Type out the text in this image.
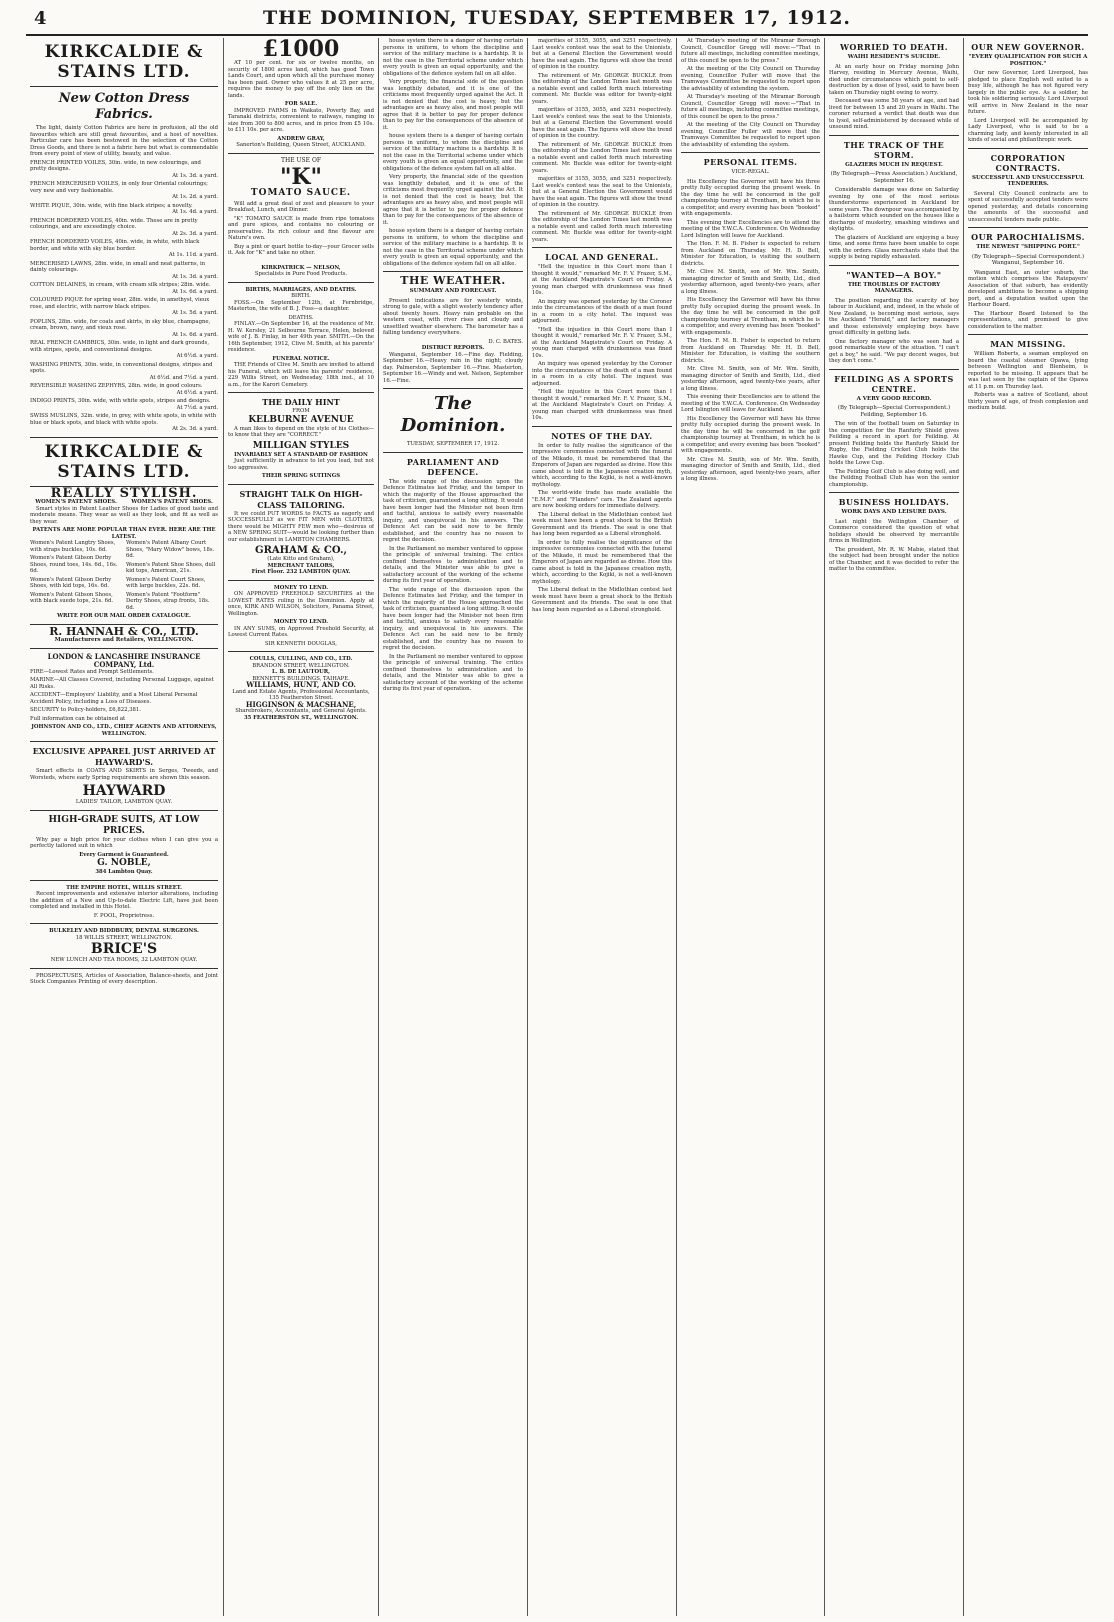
4	THE DOMINION, TUESDAY, SEPTEMBER 17, 1912.
KIRKCALDIE & STAINS LTD.
New Cotton Dress Fabrics.

The light, dainty Cotton Fabrics are here in profusion, all the old favourites which are still great favourites, and a host of novelties. Particular care has been bestowed in the selection of the Cotton Dress Goods, and there is not a fabric here but what is commendable from every point of view of utility, beauty, and value.

FRENCH PRINTED VOILES, 30in. wide, in new colourings, and pretty designs.
At 1s. 3d. a yard.
FRENCH MERCERISED VOILES, in only four Oriental colourings; very new and very fashionable.
At 1s. 2d. a yard.
WHITE PIQUE, 30in. wide, with fine black stripes; a novelty.
At 1s. 4d. a yard.
FRENCH BORDERED VOILES, 40in. wide. These are in pretty colourings, and are exceedingly choice.
At 2s. 3d. a yard.
FRENCH BORDERED VOILES, 40in. wide, in white, with black border, and white with sky blue border.
At 1s. 11d. a yard.
MERCERISED LAWNS, 28in. wide, in small and neat patterns, in dainty colourings.
At 1s. 3d. a yard.
COTTON DELAINES, in cream, with cream silk stripes; 28in. wide.
At 1s. 6d. a yard.
COLOURED PIQUE for spring wear, 28in. wide, in amethyst, vieux rose, and electric, with narrow black stripes.
At 1s. 5d. a yard.
POPLINS, 28in. wide, for coats and skirts, in sky blue, champagne, cream, brown, navy, and vieux rose.
At 1s. 6d. a yard.
REAL FRENCH CAMBRICS, 30in. wide, in light and dark grounds, with stripes, spots, and conventional designs.
At 6½d. a yard.
WASHING PRINTS, 30in. wide, in conventional designs, stripes and spots.
At 6½d. and 7½d. a yard.
REVERSIBLE WASHING ZEPHYRS, 28in. wide, in good colours.
At 6½d. a yard.
INDIGO PRINTS, 30in. wide, with white spots, stripes and designs.
At 7½d. a yard.
SWISS MUSLINS, 32in. wide, in grey, with white spots, in white with blue or black spots, and black with white spots.
At 2s. 3d. a yard.
KIRKCALDIE & STAINS LTD.
REALLY STYLISH.
WOMEN'S PATENT SHOES.	WOMEN'S PATENT SHOES.

Smart styles in Patent Leather Shoes for Ladies of good taste and moderate means. They wear as well as they look, and fit as well as they wear.

PATENTS ARE MORE POPULAR THAN EVER. HERE ARE THE LATEST.
Women's Patent Langtry Shoes, with straps buckles, 10s. 6d.
Women's Patent Gibson Derby Shoes, round toes, 14s. 6d., 16s. 6d.
Women's Patent Gibson Derby Shoes, with kid tops, 16s. 6d.
Women's Patent Gibson Shoes, with black suede tops, 21s. 6d.
Women's Patent Albany Court Shoes, "Mary Widow" bows, 18s. 6d.
Women's Patent Shoe Shoes, dull kid tops, American, 21s.
Women's Patent Court Shoes, with large buckles, 22s. 6d.
Women's Patent "Footform" Derby Shoes, strap fronts, 18s. 6d.
WRITE FOR OUR MAIL ORDER CATALOGUE.
R. HANNAH & CO., LTD.
Manufacturers and Retailers, WELLINGTON.
LONDON & LANCASHIRE INSURANCE COMPANY, Ltd.
FIRE—Lowest Rates and Prompt Settlements.
MARINE—All Classes Covered, including Personal Luggage, against All Risks.
ACCIDENT—Employers' Liability, and a Most Liberal Personal Accident Policy, including a Loss of Diseases.
SECURITY to Policy-holders, £6,822,381.
Full information can be obtained at
JOHNSTON AND CO., LTD., CHIEF AGENTS AND ATTORNEYS, WELLINGTON.
EXCLUSIVE APPAREL JUST ARRIVED AT HAYWARD'S.

Smart effects in COATS AND SKIRTS in Serges, Tweeds, and Worsteds, where early Spring requirements are shown this season.

HAYWARD
LADIES' TAILOR, LAMBTON QUAY.
HIGH-GRADE SUITS, AT LOW PRICES.

Why pay a high price for your clothes when I can give you a perfectly tailored suit in which

Every Garment is Guaranteed.
G. NOBLE,
384 Lambton Quay.
THE EMPIRE HOTEL, WILLIS STREET.

Recent improvements and extensive interior alterations, including the addition of a New and Up-to-date Electric Lift, have just been completed and installed in this Hotel.

F. POOL, Proprietress.
BULKELEY AND BIDDBURY, DENTAL SURGEONS.
18 WILLIS STREET, WELLINGTON.
BRICE'S
NEW LUNCH AND TEA ROOMS, 32 LAMBTON QUAY.

PROSPECTUSES, Articles of Association, Balance-sheets, and Joint Stock Companies Printing of every description.

£1000

AT 10 per cent. for six or twelve months, on security of 1800 acres land, which has good Town Lands Court, and upon which all the purchase money has been paid. Owner who values it at 25 per acre, requires the money to pay off the only lien on the lands.

FOR SALE.

IMPROVED FARMS in Waikato, Poverty Bay, and Taranaki districts, convenient to railways, ranging in size from 300 to 800 acres, and in price from £5 10s. to £11 10s. per acre.

ANDREW GRAY,
Sanerton's Building, Queen Street, AUCKLAND.
THE USE OF
"K"
TOMATO SAUCE.

Will add a great deal of zest and pleasure to your Breakfast, Lunch, and Dinner.

"K" TOMATO SAUCE is made from ripe tomatoes and pure spices, and contains no colouring or preservative. Its rich colour and fine flavour are Nature's own.

Buy a pint or quart bottle to-day—your Grocer sells it. Ask for "K" and take no other.

KIRKPATRICK — NELSON,
Specialists in Pure Food Products.
BIRTHS, MARRIAGES, AND DEATHS.
BIRTH.

FOSS.—On September 12th, at Fernbridge, Masterton, the wife of B. J. Foss—a daughter.

DEATHS.

FINLAY.—On September 16, at the residence of Mr. H. W. Kersley, 21 Selbourne Terrace, Helen, beloved wife of J. B. Finlay, in her 49th year. SMITH.—On the 16th September, 1912, Clive M. Smith, at his parents' residence.

FUNERAL NOTICE.

THE Friends of Clive M. Smith are invited to attend his Funeral, which will leave his parents' residence, 229 Willis Street, on Wednesday, 18th inst., at 10 a.m., for the Karori Cemetery.

THE DAILY HINT
FROM
KELBURNE AVENUE

A man likes to depend on the style of his Clothes—to know that they are "CORRECT."

MILLIGAN STYLES
INVARIABLY SET A STANDARD OF FASHION

Just sufficiently in advance to let you lead, but not too aggressive.

THEIR SPRING SUITINGS
STRAIGHT TALK On HIGH-CLASS TAILORING.

It we could PUT WORDS to FACTS as eagerly and SUCCESSFULLY as we FIT MEN with CLOTHES, there would be MIGHTY FEW men who—desirous of a NEW SPRING SUIT—would be looking further than our establishment in LAMBTON CHAMBERS.

GRAHAM & CO.,
(Late Kitto and Graham),
MERCHANT TAILORS,
First Floor. 232 LAMBTON QUAY.
MONEY TO LEND.

ON APPROVED FREEHOLD SECURITIES at the LOWEST RATES ruling in the Dominion. Apply at once, KIRK AND WILSON, Solicitors, Panama Street, Wellington.

MONEY TO LEND.

IN ANY SUMS, on Approved Freehold Security, at Lowest Current Rates.

SIR KENNETH DOUGLAS,
COULLS, CULLING, AND CO., LTD.
BRANDON STREET, WELLINGTON.
L. B. DE LAUTOUR,
BENNETT'S BUILDINGS, TAIHAPE.
WILLIAMS, HUNT, AND CO.
Land and Estate Agents, Professional Accountants, 135 Featherston Street.
HIGGINSON & MACSHANE,
Sharebrokers, Accountants, and General Agents.
35 FEATHERSTON ST., WELLINGTON.

house system there is a danger of having certain persons in uniform, to whom the discipline and service of the military machine is a hardship. It is not the case in the Territorial scheme under which every youth is given an equal opportunity, and the obligations of the defence system fall on all alike.

Very properly, the financial side of the question was lengthily debated, and it is one of the criticisms most frequently urged against the Act. It is not denied that the cost is heavy, but the advantages are as heavy also, and most people will agree that it is better to pay for proper defence than to pay for the consequences of the absence of it.

house system there is a danger of having certain persons in uniform, to whom the discipline and service of the military machine is a hardship. It is not the case in the Territorial scheme under which every youth is given an equal opportunity, and the obligations of the defence system fall on all alike.

Very properly, the financial side of the question was lengthily debated, and it is one of the criticisms most frequently urged against the Act. It is not denied that the cost is heavy, but the advantages are as heavy also, and most people will agree that it is better to pay for proper defence than to pay for the consequences of the absence of it.

house system there is a danger of having certain persons in uniform, to whom the discipline and service of the military machine is a hardship. It is not the case in the Territorial scheme under which every youth is given an equal opportunity, and the obligations of the defence system fall on all alike.

THE WEATHER.
SUMMARY AND FORECAST.

Present indications are for westerly winds, strong to gale, with a slight westerly tendency after about twenty hours. Heavy rain probable on the western coast, with river rises and cloudy and unsettled weather elsewhere. The barometer has a falling tendency everywhere.

D. C. BATES.
DISTRICT REPORTS.

Wanganui, September 16.—Fine day. Fielding, September 16.—Heavy rain in the night; cloudy day. Palmerston, September 16.—Fine. Masterton, September 16.—Windy and wet. Nelson, September 16.—Fine.

The Dominion.
TUESDAY, SEPTEMBER 17, 1912.
PARLIAMENT AND DEFENCE.

The wide range of the discussion upon the Defence Estimates last Friday, and the temper in which the majority of the House approached the task of criticism, guaranteed a long sitting. It would have been longer had the Minister not been firm and tactful, anxious to satisfy every reasonable inquiry, and unequivocal in his answers. The Defence Act can be said now to be firmly established, and the country has no reason to regret the decision.

In the Parliament no member ventured to oppose the principle of universal training. The critics confined themselves to administration and to details, and the Minister was able to give a satisfactory account of the working of the scheme during its first year of operation.

The wide range of the discussion upon the Defence Estimates last Friday, and the temper in which the majority of the House approached the task of criticism, guaranteed a long sitting. It would have been longer had the Minister not been firm and tactful, anxious to satisfy every reasonable inquiry, and unequivocal in his answers. The Defence Act can be said now to be firmly established, and the country has no reason to regret the decision.

In the Parliament no member ventured to oppose the principle of universal training. The critics confined themselves to administration and to details, and the Minister was able to give a satisfactory account of the working of the scheme during its first year of operation.

majorities of 3155, 3055, and 3251 respectively. Last week's contest was the seat to the Unionists, but at a General Election the Government would have the seat again. The figures will show the trend of opinion in the country.

The retirement of Mr. GEORGE BUCKLE from the editorship of the London Times last month was a notable event and called forth much interesting comment. Mr. Buckle was editor for twenty-eight years.

majorities of 3155, 3055, and 3251 respectively. Last week's contest was the seat to the Unionists, but at a General Election the Government would have the seat again. The figures will show the trend of opinion in the country.

The retirement of Mr. GEORGE BUCKLE from the editorship of the London Times last month was a notable event and called forth much interesting comment. Mr. Buckle was editor for twenty-eight years.

majorities of 3155, 3055, and 3251 respectively. Last week's contest was the seat to the Unionists, but at a General Election the Government would have the seat again. The figures will show the trend of opinion in the country.

The retirement of Mr. GEORGE BUCKLE from the editorship of the London Times last month was a notable event and called forth much interesting comment. Mr. Buckle was editor for twenty-eight years.

LOCAL AND GENERAL.

"Hell the injustice in this Court more than I thought it would," remarked Mr. F. V. Frazer, S.M., at the Auckland Magistrate's Court on Friday. A young man charged with drunkenness was fined 10s.

An inquiry was opened yesterday by the Coroner into the circumstances of the death of a man found in a room in a city hotel. The inquest was adjourned.

"Hell the injustice in this Court more than I thought it would," remarked Mr. F. V. Frazer, S.M., at the Auckland Magistrate's Court on Friday. A young man charged with drunkenness was fined 10s.

An inquiry was opened yesterday by the Coroner into the circumstances of the death of a man found in a room in a city hotel. The inquest was adjourned.

"Hell the injustice in this Court more than I thought it would," remarked Mr. F. V. Frazer, S.M., at the Auckland Magistrate's Court on Friday. A young man charged with drunkenness was fined 10s.

NOTES OF THE DAY.

In order to fully realise the significance of the impressive ceremonies connected with the funeral of the Mikado, it must be remembered that the Emperors of Japan are regarded as divine. How this came about is told in the Japanese creation myth, which, according to the Kojiki, is not a well-known mythology.

The world-wide trade has made available the "E.M.F." and "Flanders" cars. The Zealand agents are now booking orders for immediate delivery.

The Liberal defeat in the Midlothian contest last week must have been a great shock to the British Government and its friends. The seat is one that has long been regarded as a Liberal stronghold.

In order to fully realise the significance of the impressive ceremonies connected with the funeral of the Mikado, it must be remembered that the Emperors of Japan are regarded as divine. How this came about is told in the Japanese creation myth, which, according to the Kojiki, is not a well-known mythology.

The Liberal defeat in the Midlothian contest last week must have been a great shock to the British Government and its friends. The seat is one that has long been regarded as a Liberal stronghold.

At Thursday's meeting of the Miramar Borough Council, Councillor Gregg will move:—"That in future all meetings, including committee meetings, of this council be open to the press."

At the meeting of the City Council on Thursday evening, Councillor Fuller will move that the Tramways Committee be requested to report upon the advisability of extending the system.

At Thursday's meeting of the Miramar Borough Council, Councillor Gregg will move:—"That in future all meetings, including committee meetings, of this council be open to the press."

At the meeting of the City Council on Thursday evening, Councillor Fuller will move that the Tramways Committee be requested to report upon the advisability of extending the system.

PERSONAL ITEMS.
VICE-REGAL.

His Excellency the Governor will have his three pretty fully occupied during the present week. In the day time he will be concerned in the golf championship tourney at Trentham, in which he is a competitor, and every evening has been "booked" with engagements.

This evening their Excellencies are to attend the meeting of the Y.W.C.A. Conference. On Wednesday Lord Islington will leave for Auckland.

The Hon. F. M. B. Fisher is expected to return from Auckland on Thursday. Mr. H. D. Bell, Minister for Education, is visiting the southern districts.

Mr. Clive M. Smith, son of Mr. Wm. Smith, managing director of Smith and Smith, Ltd., died yesterday afternoon, aged twenty-two years, after a long illness.

His Excellency the Governor will have his three pretty fully occupied during the present week. In the day time he will be concerned in the golf championship tourney at Trentham, in which he is a competitor, and every evening has been "booked" with engagements.

The Hon. F. M. B. Fisher is expected to return from Auckland on Thursday. Mr. H. D. Bell, Minister for Education, is visiting the southern districts.

Mr. Clive M. Smith, son of Mr. Wm. Smith, managing director of Smith and Smith, Ltd., died yesterday afternoon, aged twenty-two years, after a long illness.

This evening their Excellencies are to attend the meeting of the Y.W.C.A. Conference. On Wednesday Lord Islington will leave for Auckland.

His Excellency the Governor will have his three pretty fully occupied during the present week. In the day time he will be concerned in the golf championship tourney at Trentham, in which he is a competitor, and every evening has been "booked" with engagements.

Mr. Clive M. Smith, son of Mr. Wm. Smith, managing director of Smith and Smith, Ltd., died yesterday afternoon, aged twenty-two years, after a long illness.

WORRIED TO DEATH.
WAIHI RESIDENT'S SUICIDE.

At an early hour on Friday morning John Harvey, residing in Mercury Avenue, Waihi, died under circumstances which point to self-destruction by a dose of lysol, said to have been taken on Thursday night owing to worry.

Deceased was some 58 years of age, and had lived for between 15 and 20 years in Waihi. The coroner returned a verdict that death was due to lysol, self-administered by deceased while of unsound mind.

THE TRACK OF THE STORM.
GLAZIERS MUCH IN REQUEST.
(By Telegraph—Press Association.) Auckland, September 16.

Considerable damage was done on Saturday evening by one of the most serious thunderstorms experienced in Auckland for some years. The downpour was accompanied by a hailstorm which sounded on the houses like a discharge of musketry, smashing windows and skylights.

The glaziers of Auckland are enjoying a busy time, and some firms have been unable to cope with the orders. Glass merchants state that the supply is being rapidly exhausted.

"WANTED—A BOY."
THE TROUBLES OF FACTORY MANAGERS.

The position regarding the scarcity of boy labour in Auckland, and, indeed, in the whole of New Zealand, is becoming most serious, says the Auckland "Herald," and factory managers and those extensively employing boys have great difficulty in getting lads.

One factory manager who was seen had a good remarkable view of the situation. "I can't get a boy," he said. "We pay decent wages, but they don't come."

FEILDING AS A SPORTS CENTRE.
A VERY GOOD RECORD.
(By Telegraph—Special Correspondent.) Feilding, September 16.

The win of the football team on Saturday in the competition for the Ranfurly Shield gives Feilding a record in sport for Feilding. At present Feilding holds the Ranfurly Shield for Rugby, the Fielding Cricket Club holds the Hawke Cup, and the Feilding Hockey Club holds the Lowe Cup.

The Feilding Golf Club is also doing well, and the Feilding Football Club has won the senior championship.

BUSINESS HOLIDAYS.
WORK DAYS AND LEISURE DAYS.

Last night the Wellington Chamber of Commerce considered the question of what holidays should be observed by mercantile firms in Wellington.

The president, Mr. R. W. Mabie, stated that the subject had been brought under the notice of the Chamber, and it was decided to refer the matter to the committee.

OUR NEW GOVERNOR.
"EVERY QUALIFICATION FOR SUCH A POSITION."

Our new Governor, Lord Liverpool, has pledged to place English well suited to a busy life, although he has not figured very largely in the public eye. As a soldier, he took his soldiering seriously. Lord Liverpool will arrive in New Zealand in the near future.

Lord Liverpool will be accompanied by Lady Liverpool, who is said to be a charming lady, and keenly interested in all kinds of social and philanthropic work.

CORPORATION CONTRACTS.
SUCCESSFUL AND UNSUCCESSFUL TENDERERS.

Several City Council contracts are to spent of successfully accepted tenders were opened yesterday, and details concerning the amounts of the successful and unsuccessful tenders made public.

OUR PAROCHIALISMS.
THE NEWEST "SHIPPING PORT."
(By Telegraph—Special Correspondent.) Wanganui, September 16.

Wanganui East, an outer suburb, the motion which comprises the Ratepayers' Association of that suburb, has evidently developed ambitions to become a shipping port, and a deputation waited upon the Harbour Board.

The Harbour Board listened to the representations, and promised to give consideration to the matter.

MAN MISSING.

William Roberts, a seaman employed on board the coastal steamer Opawa, lying between Wellington and Blenheim, is reported to be missing. It appears that he was last seen by the captain of the Opawa at 11 p.m. on Thursday last.

Roberts was a native of Scotland, about thirty years of age, of fresh complexion and medium build.
